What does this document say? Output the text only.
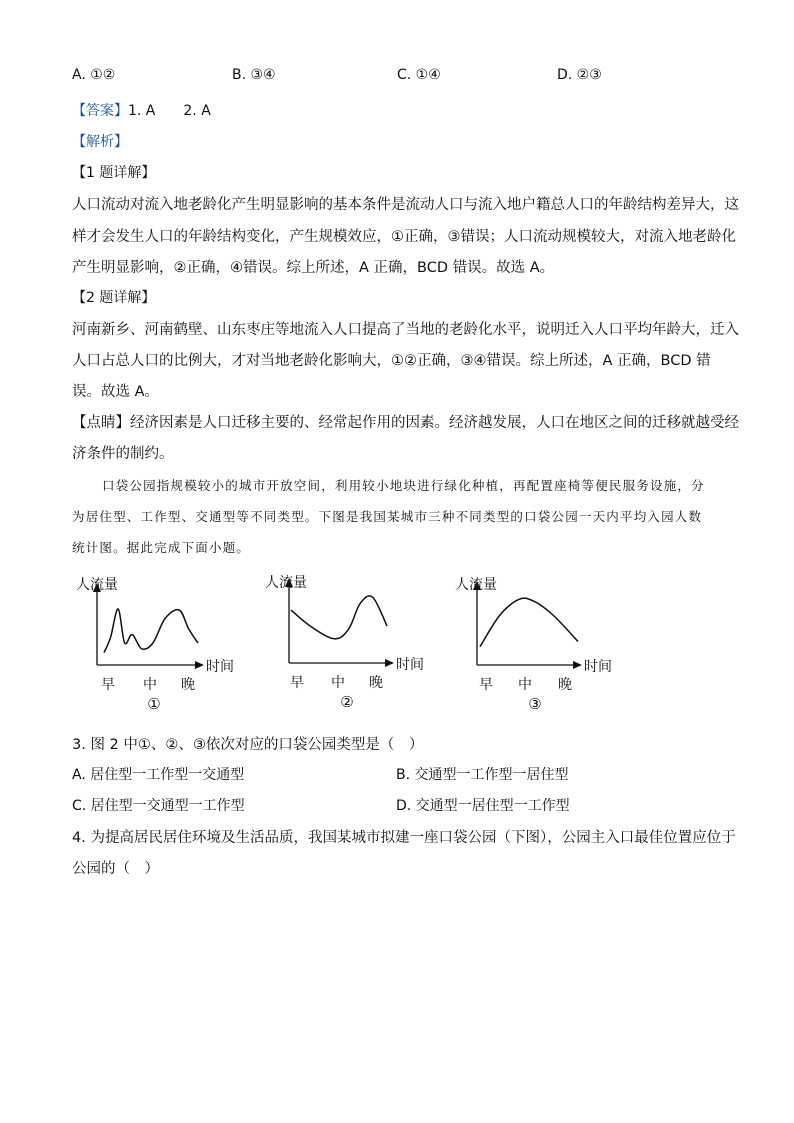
A. ①②	B. ③④	C. ①④	D. ②③
【答案】1. A　　2. A
【解析】
【1 题详解】
人口流动对流入地老龄化产生明显影响的基本条件是流动人口与流入地户籍总人口的年龄结构差异大，这
样才会发生人口的年龄结构变化，产生规模效应，①正确，③错误；人口流动规模较大，对流入地老龄化
产生明显影响，②正确，④错误。综上所述，A 正确，BCD 错误。故选 A。
【2 题详解】
河南新乡、河南鹤壁、山东枣庄等地流入人口提高了当地的老龄化水平，说明迁入人口平均年龄大，迁入
人口占总人口的比例大，才对当地老龄化影响大，①②正确，③④错误。综上所述，A 正确，BCD 错
误。故选 A。
【点睛】经济因素是人口迁移主要的、经常起作用的因素。经济越发展，人口在地区之间的迁移就越受经
济条件的制约。
口袋公园指规模较小的城市开放空间，利用较小地块进行绿化种植，再配置座椅等便民服务设施，分
为居住型、工作型、交通型等不同类型。下图是我国某城市三种不同类型的口袋公园一天内平均入园人数
统计图。据此完成下面小题。
人流量
时间
早 中 晚
①
人流量
时间
早 中 晚
②
人流量
时间
早 中 晚
③
3. 图 2 中①、②、③依次对应的口袋公园类型是（　）
A. 居住型一工作型一交通型	B. 交通型一工作型一居住型
C. 居住型一交通型一工作型	D. 交通型一居住型一工作型
4. 为提高居民居住环境及生活品质，我国某城市拟建一座口袋公园（下图），公园主入口最佳位置应位于
公园的（　）
